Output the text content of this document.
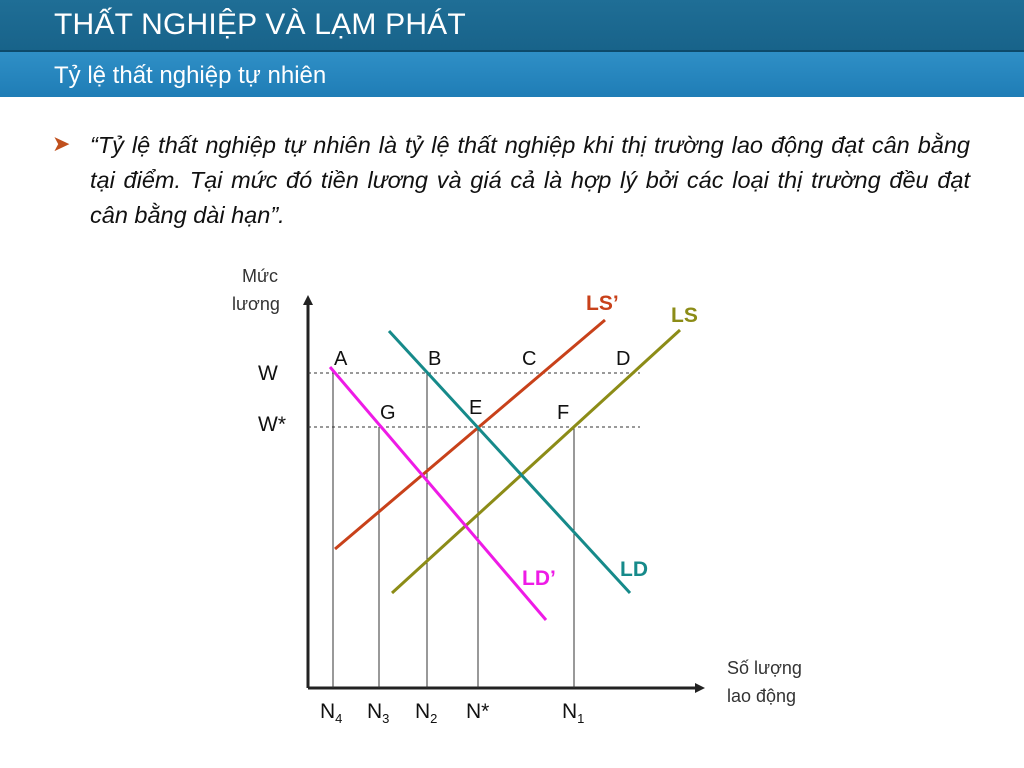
THẤT NGHIỆP VÀ LẠM PHÁT
Tỷ lệ thất nghiệp tự nhiên
➤ “Tỷ lệ thất nghiệp tự nhiên là tỷ lệ thất nghiệp khi thị trường lao động đạt cân bằng tại điểm. Tại mức đó tiền lương và giá cả là hợp lý bởi các loại thị trường đều đạt cân bằng dài hạn”.
Mức
lương
Số lượng
lao động
W
W*
A	B	C	D
G	E	F
LS’
LS
LD
LD’
$N_4$ $N_3$ $N_2$ N*	$N_1$
